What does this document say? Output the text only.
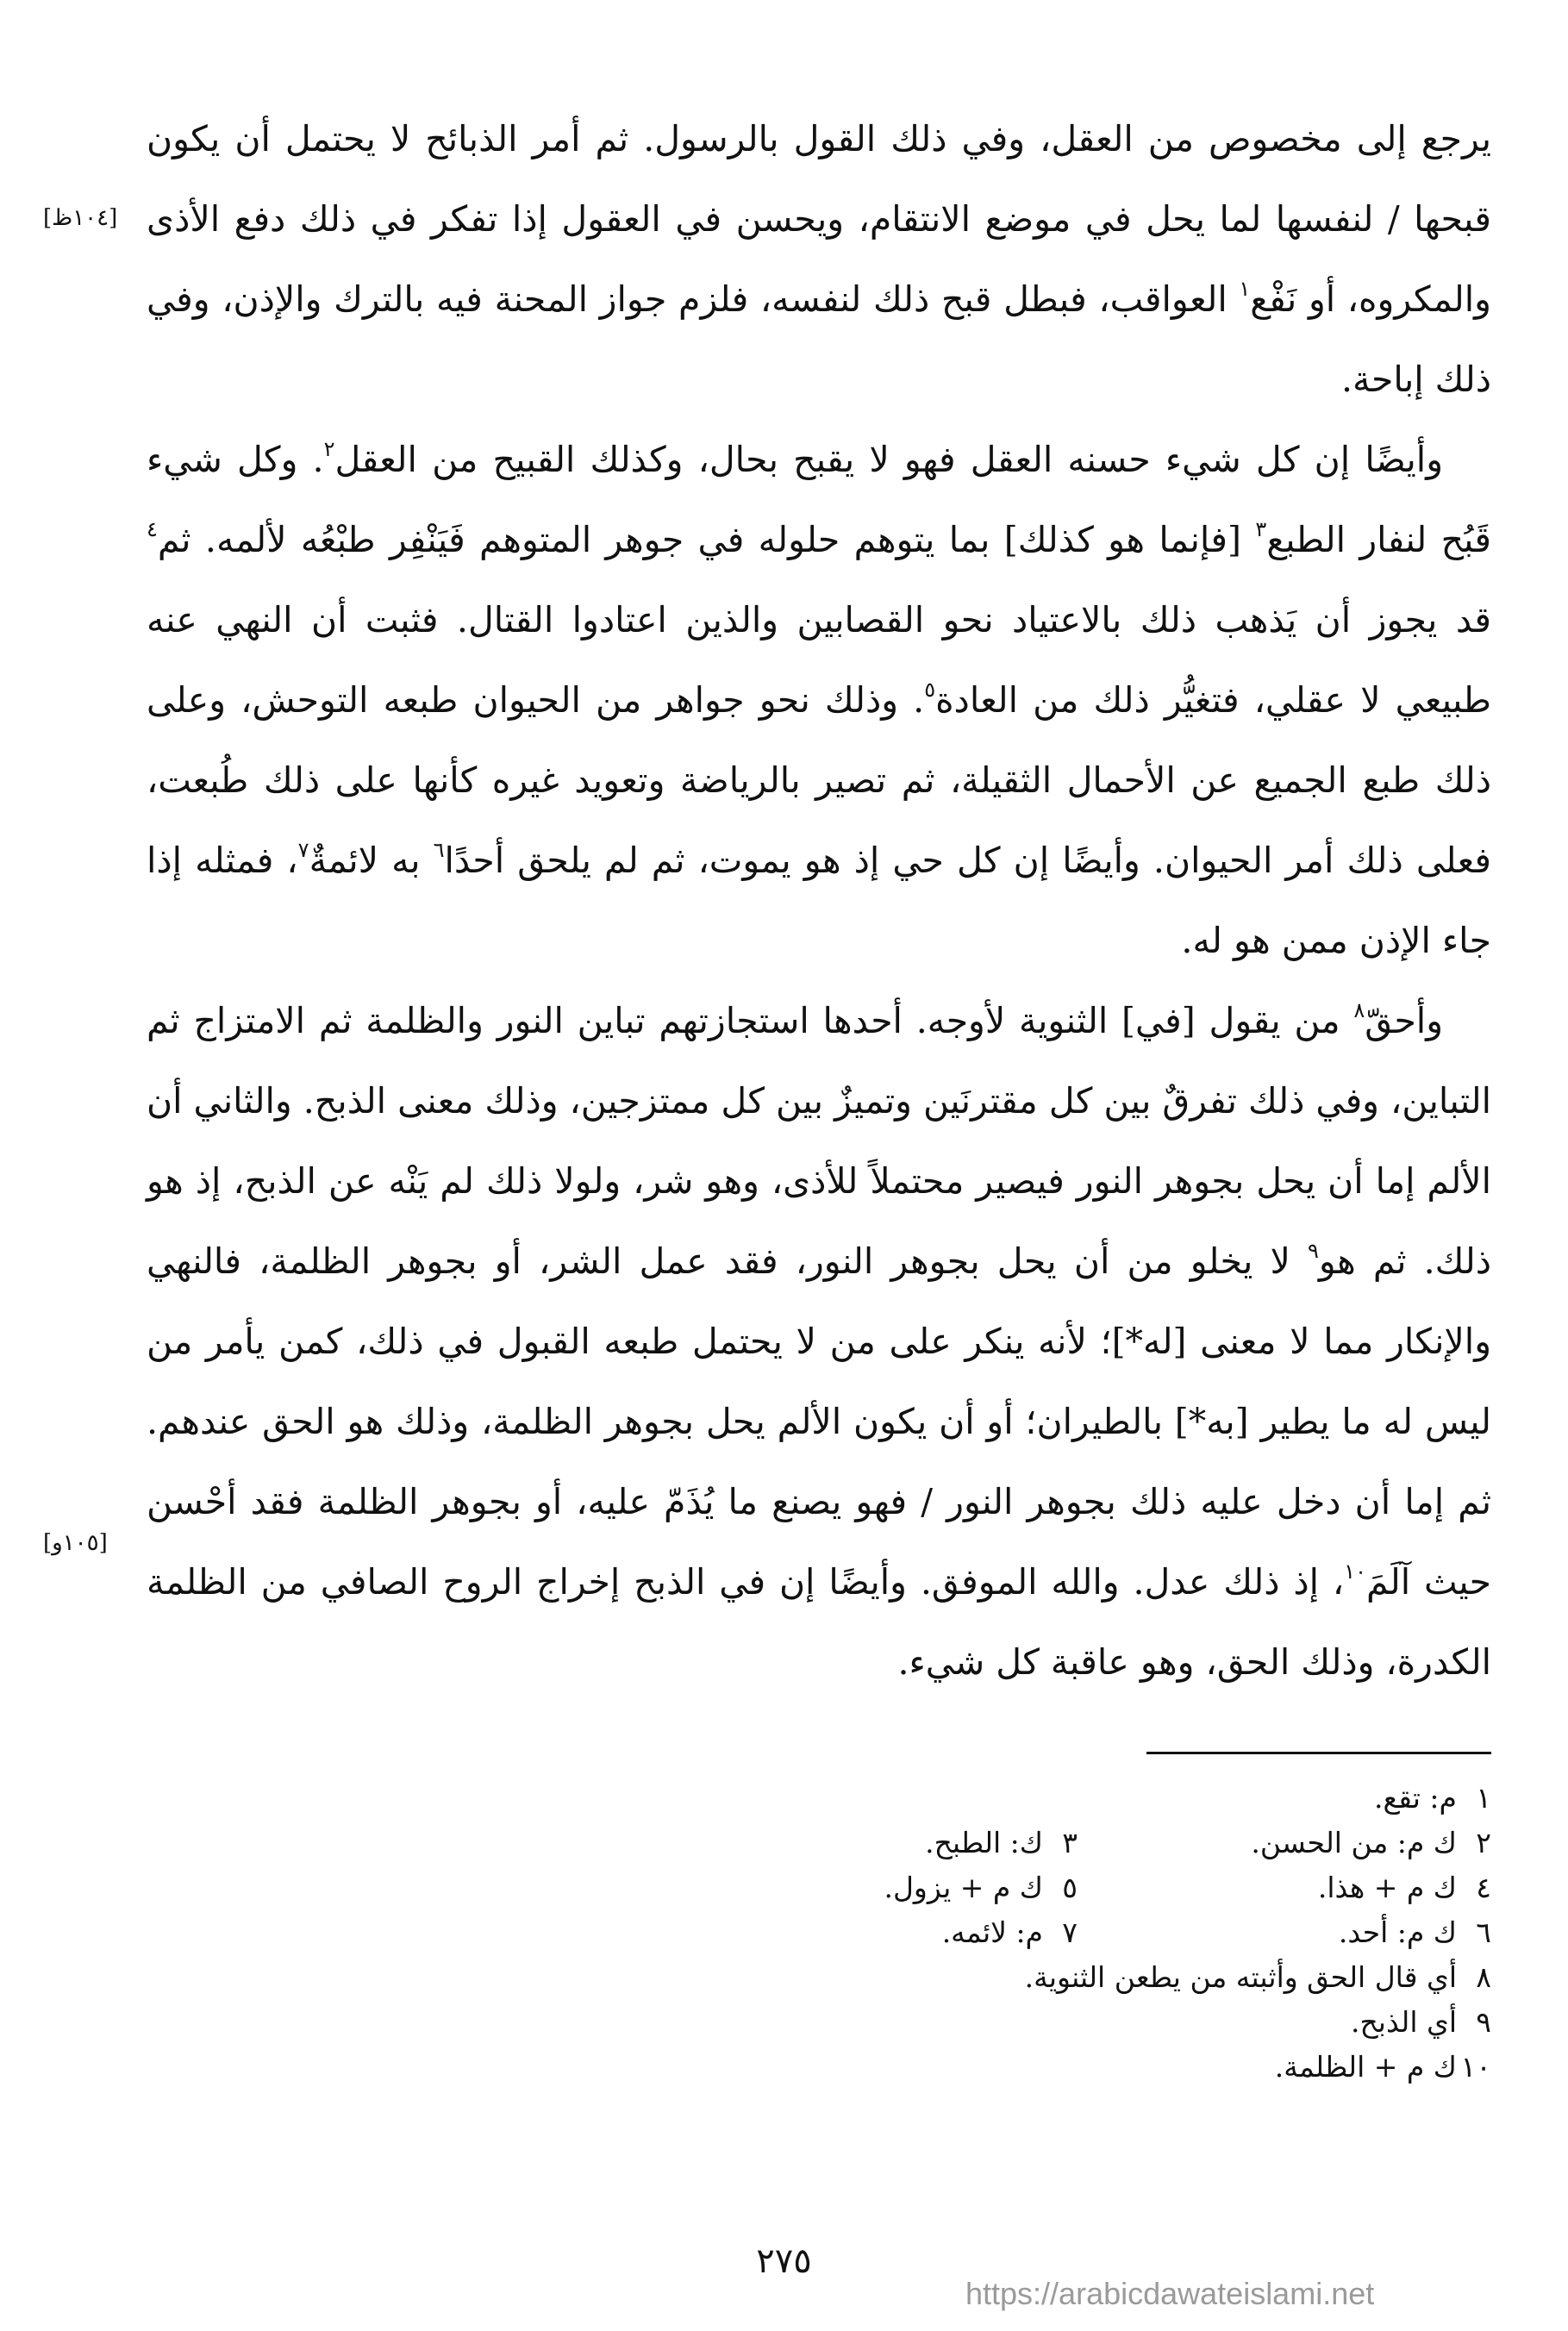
يرجع إلى مخصوص من العقل، وفي ذلك القول بالرسول. ثم أمر الذبائح لا يحتمل أن يكون قبحها / لنفسها لما يحل في موضع الانتقام، ويحسن في العقول إذا تفكر في ذلك دفع الأذى والمكروه، أو نَفْع$^١$ العواقب، فبطل قبح ذلك لنفسه، فلزم جواز المحنة فيه بالترك والإذن، وفي ذلك إباحة.

وأيضًا إن كل شيء حسنه العقل فهو لا يقبح بحال، وكذلك القبيح من العقل$^٢$. وكل شيء قَبُح لنفار الطبع$^٣$ [فإنما هو كذلك] بما يتوهم حلوله في جوهر المتوهم فَيَنْفِر طبْعُه لألمه. ثم$^٤$ قد يجوز أن يَذهب ذلك بالاعتياد نحو القصابين والذين اعتادوا القتال. فثبت أن النهي عنه طبيعي لا عقلي، فتغيُّر ذلك من العادة$^٥$. وذلك نحو جواهر من الحيوان طبعه التوحش، وعلى ذلك طبع الجميع عن الأحمال الثقيلة، ثم تصير بالرياضة وتعويد غيره كأنها على ذلك طُبعت، فعلى ذلك أمر الحيوان. وأيضًا إن كل حي إذ هو يموت، ثم لم يلحق أحدًا$^٦$ به لائمةٌ$^٧$، فمثله إذا جاء الإذن ممن هو له.

وأحقّ$^٨$ من يقول [في] الثنوية لأوجه. أحدها استجازتهم تباين النور والظلمة ثم الامتزاج ثم التباين، وفي ذلك تفرقٌ بين كل مقترنَين وتميزٌ بين كل ممتزجين، وذلك معنى الذبح. والثاني أن الألم إما أن يحل بجوهر النور فيصير محتملاً للأذى، وهو شر، ولولا ذلك لم يَنْه عن الذبح، إذ هو ذلك. ثم هو$^٩$ لا يخلو من أن يحل بجوهر النور، فقد عمل الشر، أو بجوهر الظلمة، فالنهي والإنكار مما لا معنى [له*]؛ لأنه ينكر على من لا يحتمل طبعه القبول في ذلك، كمن يأمر من ليس له ما يطير [به*] بالطيران؛ أو أن يكون الألم يحل بجوهر الظلمة، وذلك هو الحق عندهم. ثم إما أن دخل عليه ذلك بجوهر النور / فهو يصنع ما يُذَمّ عليه، أو بجوهر الظلمة فقد أحْسن حيث آلَمَ$^{١٠}$، إذ ذلك عدل. والله الموفق. وأيضًا إن في الذبح إخراج الروح الصافي من الظلمة الكدرة، وذلك الحق، وهو عاقبة كل شيء.

[١٠٤ظ]
[١٠٥و]
١م: تقع.
٢ك م: من الحسن.
٣ك: الطبح.
٤ك م + هذا.
٥ك م + يزول.
٦ك م: أحد.
٧م: لائمه.
٨أي قال الحق وأثبته من يطعن الثنوية.
٩أي الذبح.
١٠ك م + الظلمة.
٢٧٥
https://arabicdawateislami.net
